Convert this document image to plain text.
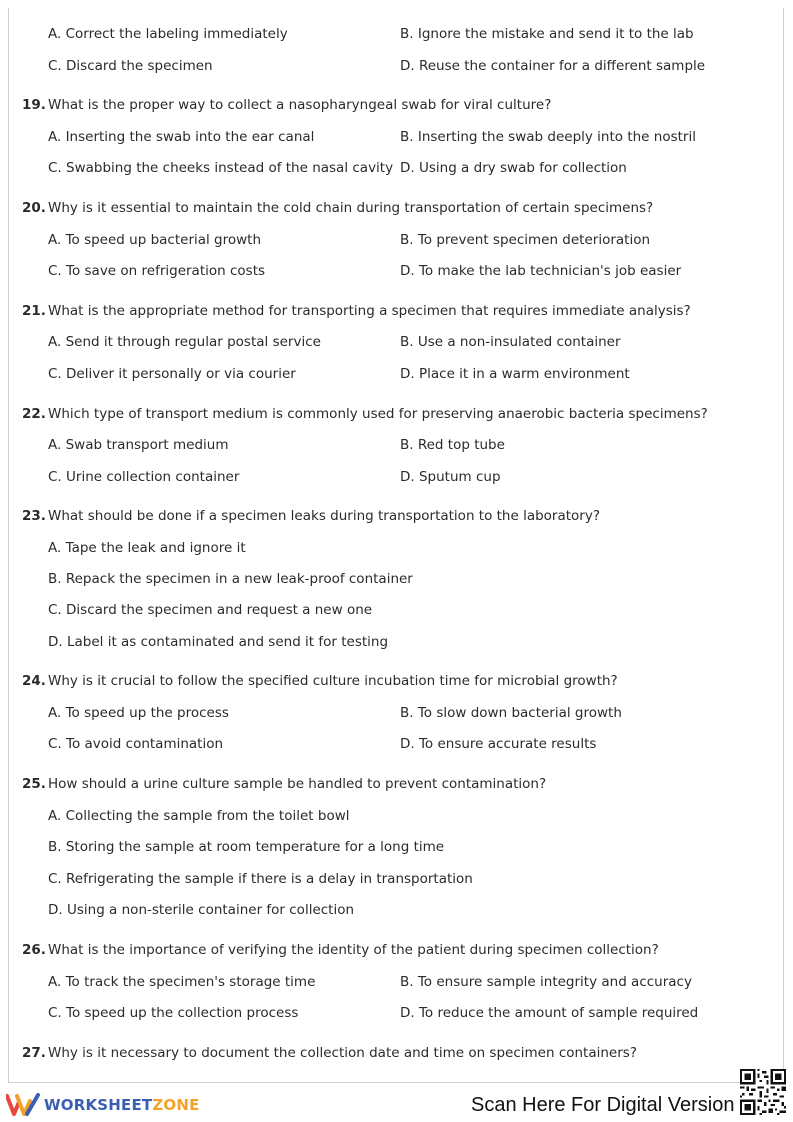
A. Correct the labeling immediately	B. Ignore the mistake and send it to the lab
C. Discard the specimen	D. Reuse the container for a different sample
19. What is the proper way to collect a nasopharyngeal swab for viral culture?
A. Inserting the swab into the ear canal	B. Inserting the swab deeply into the nostril
C. Swabbing the cheeks instead of the nasal cavity D. Using a dry swab for collection
20. Why is it essential to maintain the cold chain during transportation of certain specimens?
A. To speed up bacterial growth	B. To prevent specimen deterioration
C. To save on refrigeration costs	D. To make the lab technician's job easier
21. What is the appropriate method for transporting a specimen that requires immediate analysis?
A. Send it through regular postal service	B. Use a non-insulated container
C. Deliver it personally or via courier	D. Place it in a warm environment
22. Which type of transport medium is commonly used for preserving anaerobic bacteria specimens?
A. Swab transport medium	B. Red top tube
C. Urine collection container	D. Sputum cup
23. What should be done if a specimen leaks during transportation to the laboratory?
A. Tape the leak and ignore it
B. Repack the specimen in a new leak-proof container
C. Discard the specimen and request a new one
D. Label it as contaminated and send it for testing
24. Why is it crucial to follow the specified culture incubation time for microbial growth?
A. To speed up the process	B. To slow down bacterial growth
C. To avoid contamination	D. To ensure accurate results
25. How should a urine culture sample be handled to prevent contamination?
A. Collecting the sample from the toilet bowl
B. Storing the sample at room temperature for a long time
C. Refrigerating the sample if there is a delay in transportation
D. Using a non-sterile container for collection
26. What is the importance of verifying the identity of the patient during specimen collection?
A. To track the specimen's storage time	B. To ensure sample integrity and accuracy
C. To speed up the collection process	D. To reduce the amount of sample required
27. Why is it necessary to document the collection date and time on specimen containers?
WORKSHEETZONE	Scan Here For Digital Version
